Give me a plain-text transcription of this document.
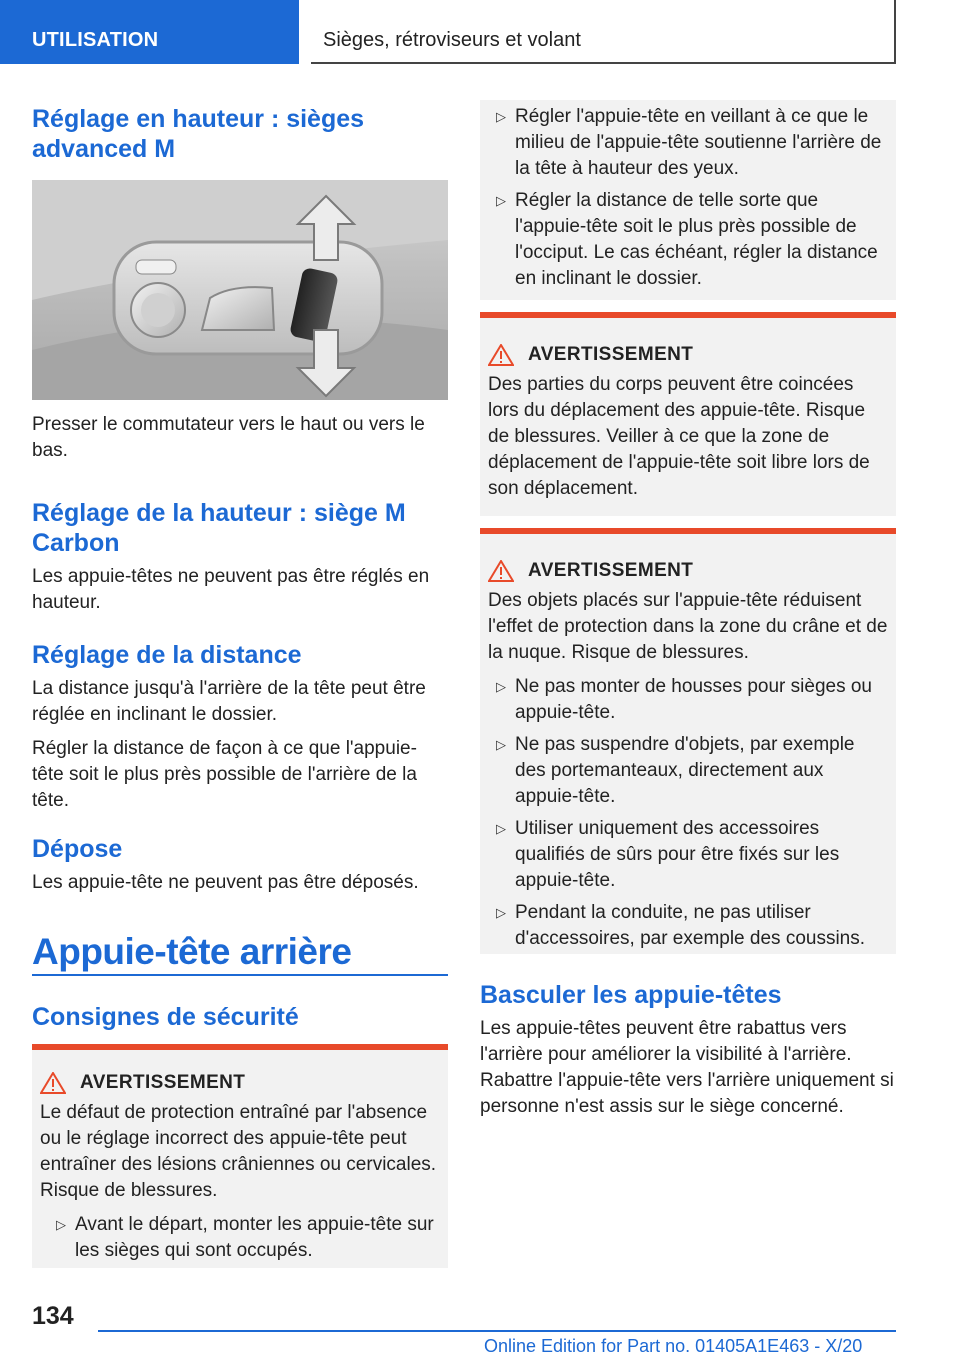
UTILISATION	Sièges, rétroviseurs et volant
Réglage en hauteur : sièges advanced M

Presser le commutateur vers le haut ou vers le bas.

Réglage de la hauteur : siège M Carbon

Les appuie-têtes ne peuvent pas être réglés en hauteur.

Réglage de la distance

La distance jusqu'à l'arrière de la tête peut être réglée en inclinant le dossier.

Régler la distance de façon à ce que l'appuie-tête soit le plus près possible de l'arrière de la tête.

Dépose

Les appuie-tête ne peuvent pas être déposés.

Appuie-tête arrière
Consignes de sécurité
AVERTISSEMENT

Le défaut de protection entraîné par l'absence ou le réglage incorrect des appuie-tête peut entraîner des lésions crâniennes ou cervicales. Risque de blessures.

▷ Avant le départ, monter les appuie-tête sur les sièges qui sont occupés.
▷ Régler l'appuie-tête en veillant à ce que le milieu de l'appuie-tête soutienne l'arrière de la tête à hauteur des yeux.
▷ Régler la distance de telle sorte que l'appuie-tête soit le plus près possible de l'occiput. Le cas échéant, régler la distance en inclinant le dossier.
AVERTISSEMENT

Des parties du corps peuvent être coincées lors du déplacement des appuie-tête. Risque de blessures. Veiller à ce que la zone de déplacement de l'appuie-tête soit libre lors de son déplacement.

AVERTISSEMENT

Des objets placés sur l'appuie-tête réduisent l'effet de protection dans la zone du crâne et de la nuque. Risque de blessures.

▷ Ne pas monter de housses pour sièges ou appuie-tête.
▷ Ne pas suspendre d'objets, par exemple des portemanteaux, directement aux appuie-tête.
▷ Utiliser uniquement des accessoires qualifiés de sûrs pour être fixés sur les appuie-tête.
▷ Pendant la conduite, ne pas utiliser d'accessoires, par exemple des coussins.
Basculer les appuie-têtes

Les appuie-têtes peuvent être rabattus vers l'arrière pour améliorer la visibilité à l'arrière. Rabattre l'appuie-tête vers l'arrière uniquement si personne n'est assis sur le siège concerné.

134
Online Edition for Part no. 01405A1E463 - X/20
